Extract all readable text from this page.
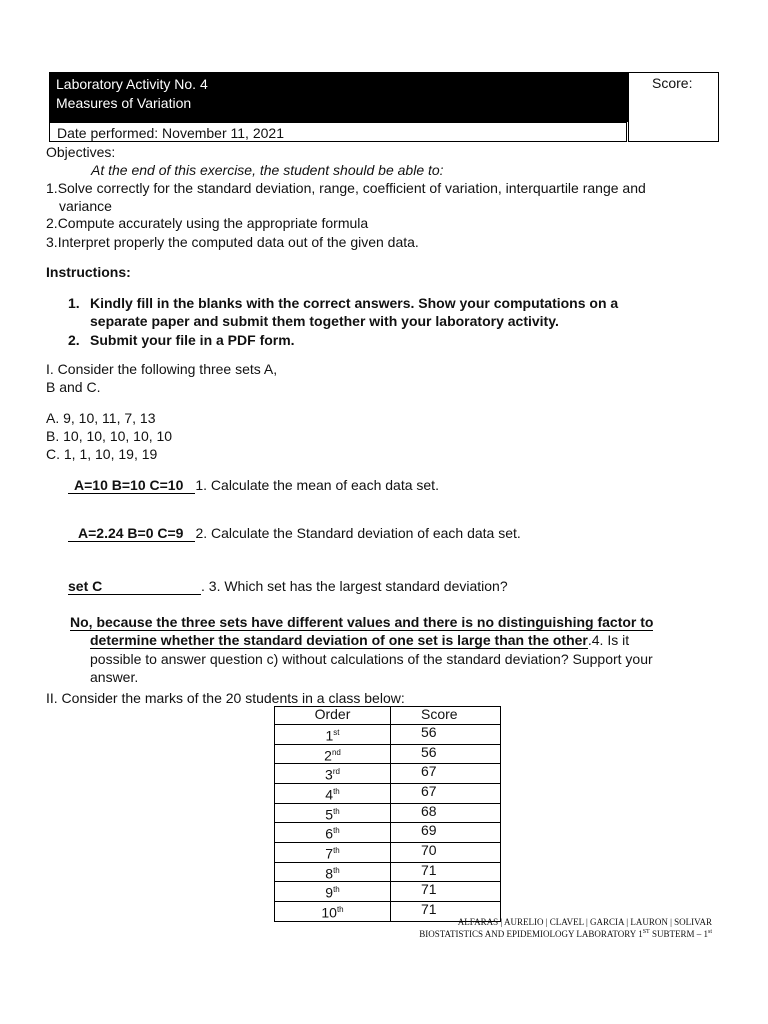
Laboratory Activity No. 4
Measures of Variation
Date performed: November 11, 2021
Score:
Objectives:
At the end of this exercise, the student should be able to:
1.Solve correctly for the standard deviation, range, coefficient of variation, interquartile range and
variance
2.Compute accurately using the appropriate formula
3.Interpret properly the computed data out of the given data.
Instructions:
1. Kindly fill in the blanks with the correct answers. Show your computations on a
separate paper and submit them together with your laboratory activity.
2. Submit your file in a PDF form.
I. Consider the following three sets A,
B and C.
A. 9, 10, 11, 7, 13
B. 10, 10, 10, 10, 10
C. 1, 1, 10, 19, 19
A=10 B=10 C=10 1. Calculate the mean of each data set.
A=2.24 B=0 C=9 2. Calculate the Standard deviation of each data set.
set C	. 3. Which set has the largest standard deviation?
No, because the three sets have different values and there is no distinguishing factor to
determine whether the standard deviation of one set is large than the other.4. Is it
possible to answer question c) without calculations of the standard deviation? Support your
answer.
II. Consider the marks of the 20 students in a class below:
Order	Score
1st	56
2nd	56
3rd	67
4th	67
5th	68
6th	69
7th	70
8th	71
9th	71
10th	71
ALFARAS | AURELIO | CLAVEL | GARCIA | LAURON | SOLIVAR
BIOSTATISTICS AND EPIDEMIOLOGY LABORATORY 1ST SUBTERM – 1st
